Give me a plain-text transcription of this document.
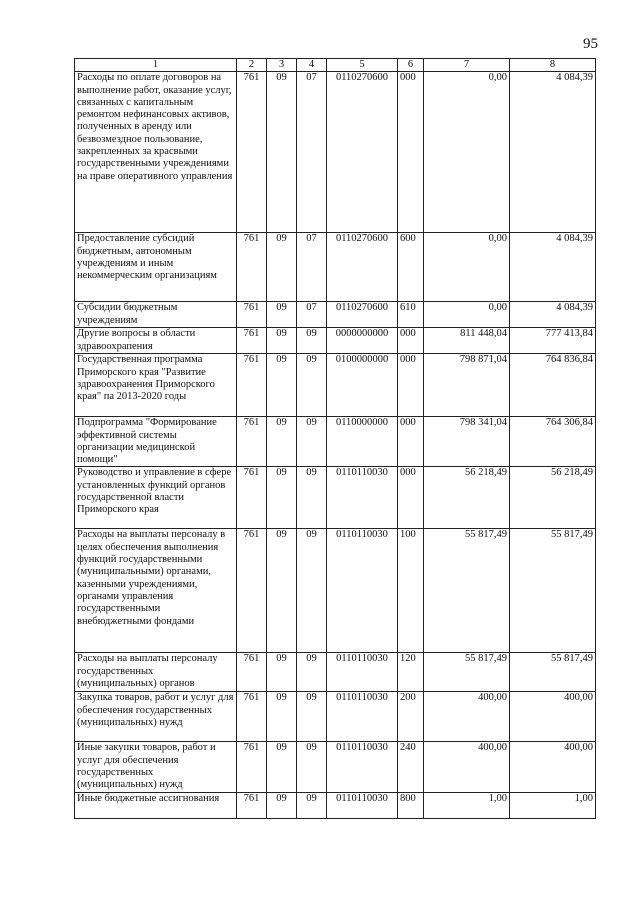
95
1	2	3	4	5	6	7	8
Расходы по оплате договоров на выполнение работ, оказание услуг, связанных с капитальным ремонтом нефинансовых активов, полученных в аренду или безвозмездное пользование, закрепленных за красвыми государственными учреждениями на праве оперативного управления	761	09	07	0110270600	000	0,00	4 084,39
Предоставление субсидий бюджетным, автономным учреждениям и иным некоммерческим организациям	761	09	07	0110270600	600	0,00	4 084,39
Субсидии бюджетным учреждениям	761	09	07	0110270600	610	0,00	4 084,39
Другие вопросы в области здравоохрапения	761	09	09	0000000000	000	811 448,04	777 413,84
Государственная программа Приморского края "Развитие здравоохранения Приморского края" па 2013-2020 годы	761	09	09	0100000000	000	798 871,04	764 836,84
Подпрограмма "Формирование эффективной системы организации медицинской помощи"	761	09	09	0110000000	000	798 341,04	764 306,84
Руководство и управление в сфере установленных функций органов государственной власти Приморского края	761	09	09	0110110030	000	56 218,49	56 218,49
Расходы на выплаты персоналу в целях обеспечения выполнения функций государственными (муниципальными) органами, казенными учреждениями, органами управления государственными внебюджетными фондами	761	09	09	0110110030	100	55 817,49	55 817,49
Расходы на выплаты персоналу государственных (муниципальных) органов	761	09	09	0110110030	120	55 817,49	55 817,49
Закупка товаров, работ и услуг для обеспечения государственных (муниципальных) нужд	761	09	09	0110110030	200	400,00	400,00
Иные закупки товаров, работ и услуг для обеспечения государственных (муниципальных) нужд	761	09	09	0110110030	240	400,00	400,00
Иные бюджетные ассигнования	761	09	09	0110110030	800	1,00	1,00
